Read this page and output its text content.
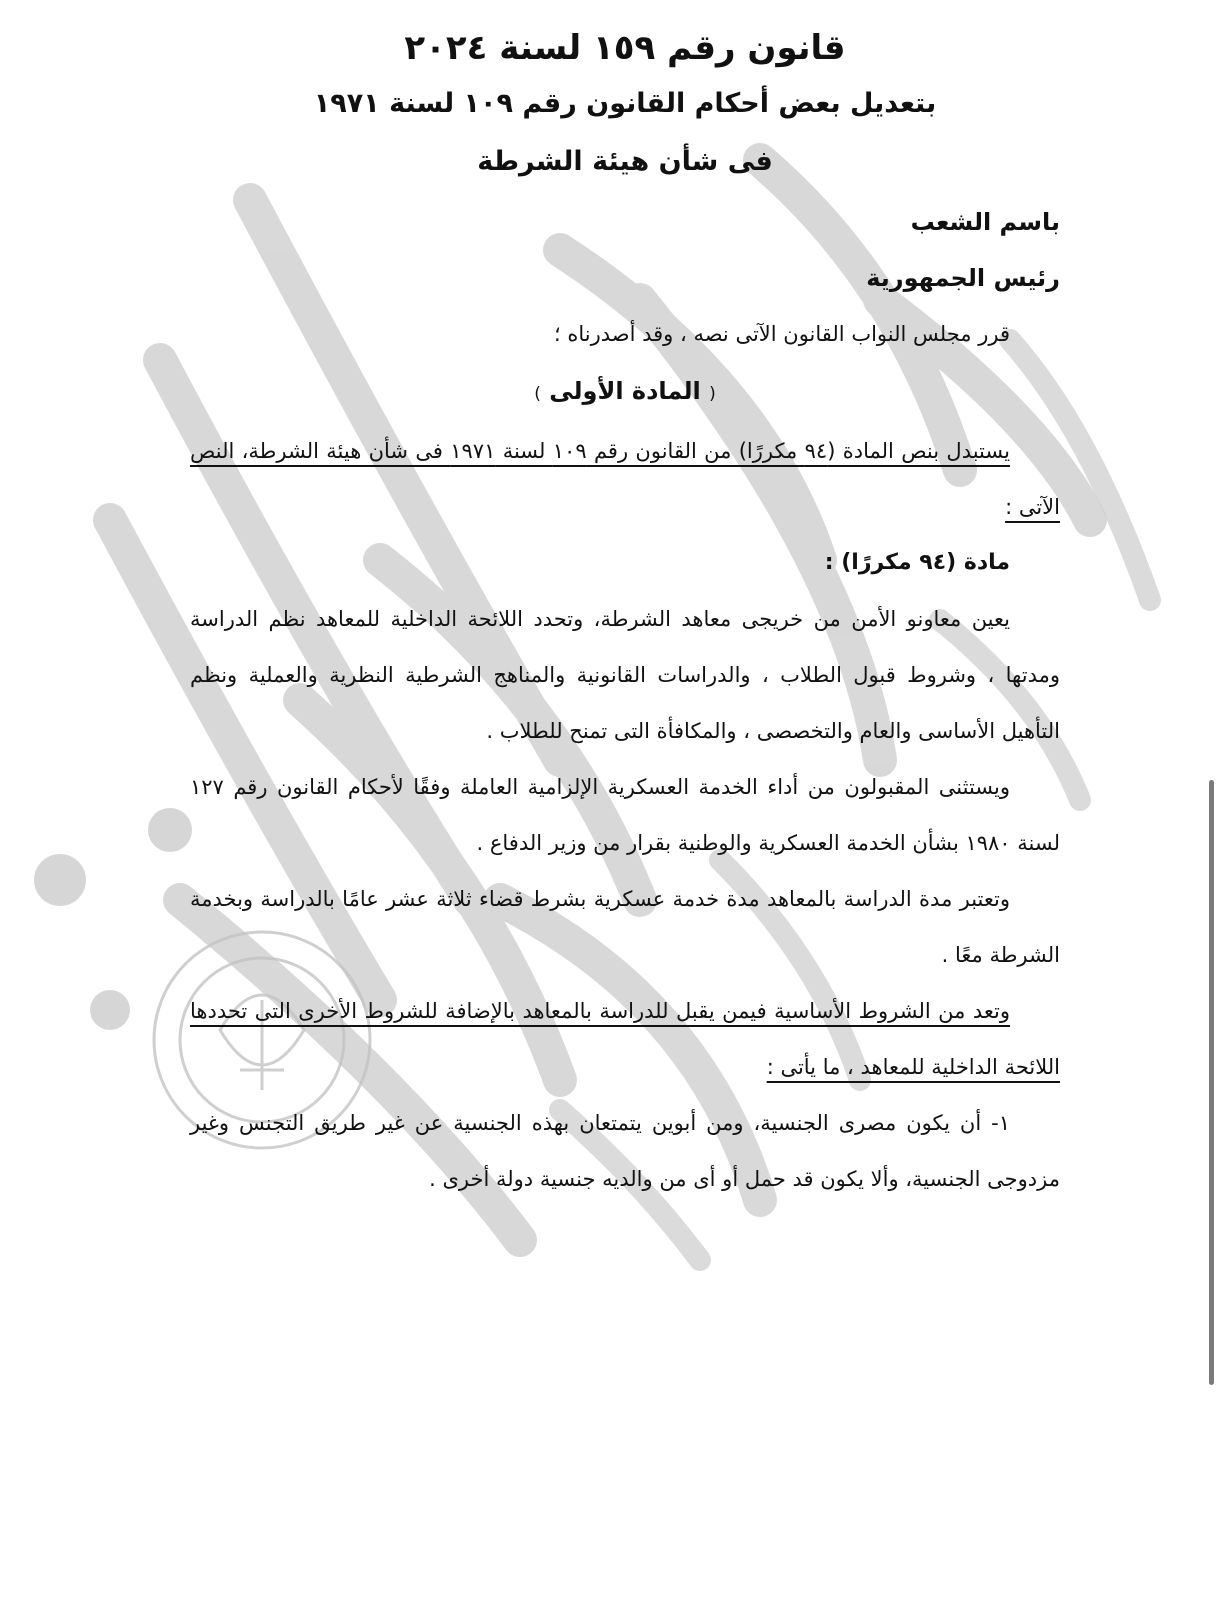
قانون رقم ١٥٩ لسنة ٢٠٢٤
بتعديل بعض أحكام القانون رقم ١٠٩ لسنة ١٩٧١
فى شأن هيئة الشرطة

باسم الشعب

رئيس الجمهورية

قرر مجلس النواب القانون الآتى نصه ، وقد أصدرناه ؛

( المادة الأولى )

يستبدل بنص المادة (٩٤ مكررًا) من القانون رقم ١٠٩ لسنة ١٩٧١ فى شأن هيئة الشرطة، النص الآتى :

مادة (٩٤ مكررًا) :

يعين معاونو الأمن من خريجى معاهد الشرطة، وتحدد اللائحة الداخلية للمعاهد نظم الدراسة ومدتها ، وشروط قبول الطلاب ، والدراسات القانونية والمناهج الشرطية النظرية والعملية ونظم التأهيل الأساسى والعام والتخصصى ، والمكافأة التى تمنح للطلاب .

ويستثنى المقبولون من أداء الخدمة العسكرية الإلزامية العاملة وفقًا لأحكام القانون رقم ١٢٧ لسنة ١٩٨٠ بشأن الخدمة العسكرية والوطنية بقرار من وزير الدفاع .

وتعتبر مدة الدراسة بالمعاهد مدة خدمة عسكرية بشرط قضاء ثلاثة عشر عامًا بالدراسة وبخدمة الشرطة معًا .

وتعد من الشروط الأساسية فيمن يقبل للدراسة بالمعاهد بالإضافة للشروط الأخرى التى تحددها اللائحة الداخلية للمعاهد ، ما يأتى :

١- أن يكون مصرى الجنسية، ومن أبوين يتمتعان بهذه الجنسية عن غير طريق التجنس وغير مزدوجى الجنسية، وألا يكون قد حمل أو أى من والديه جنسية دولة أخرى .
